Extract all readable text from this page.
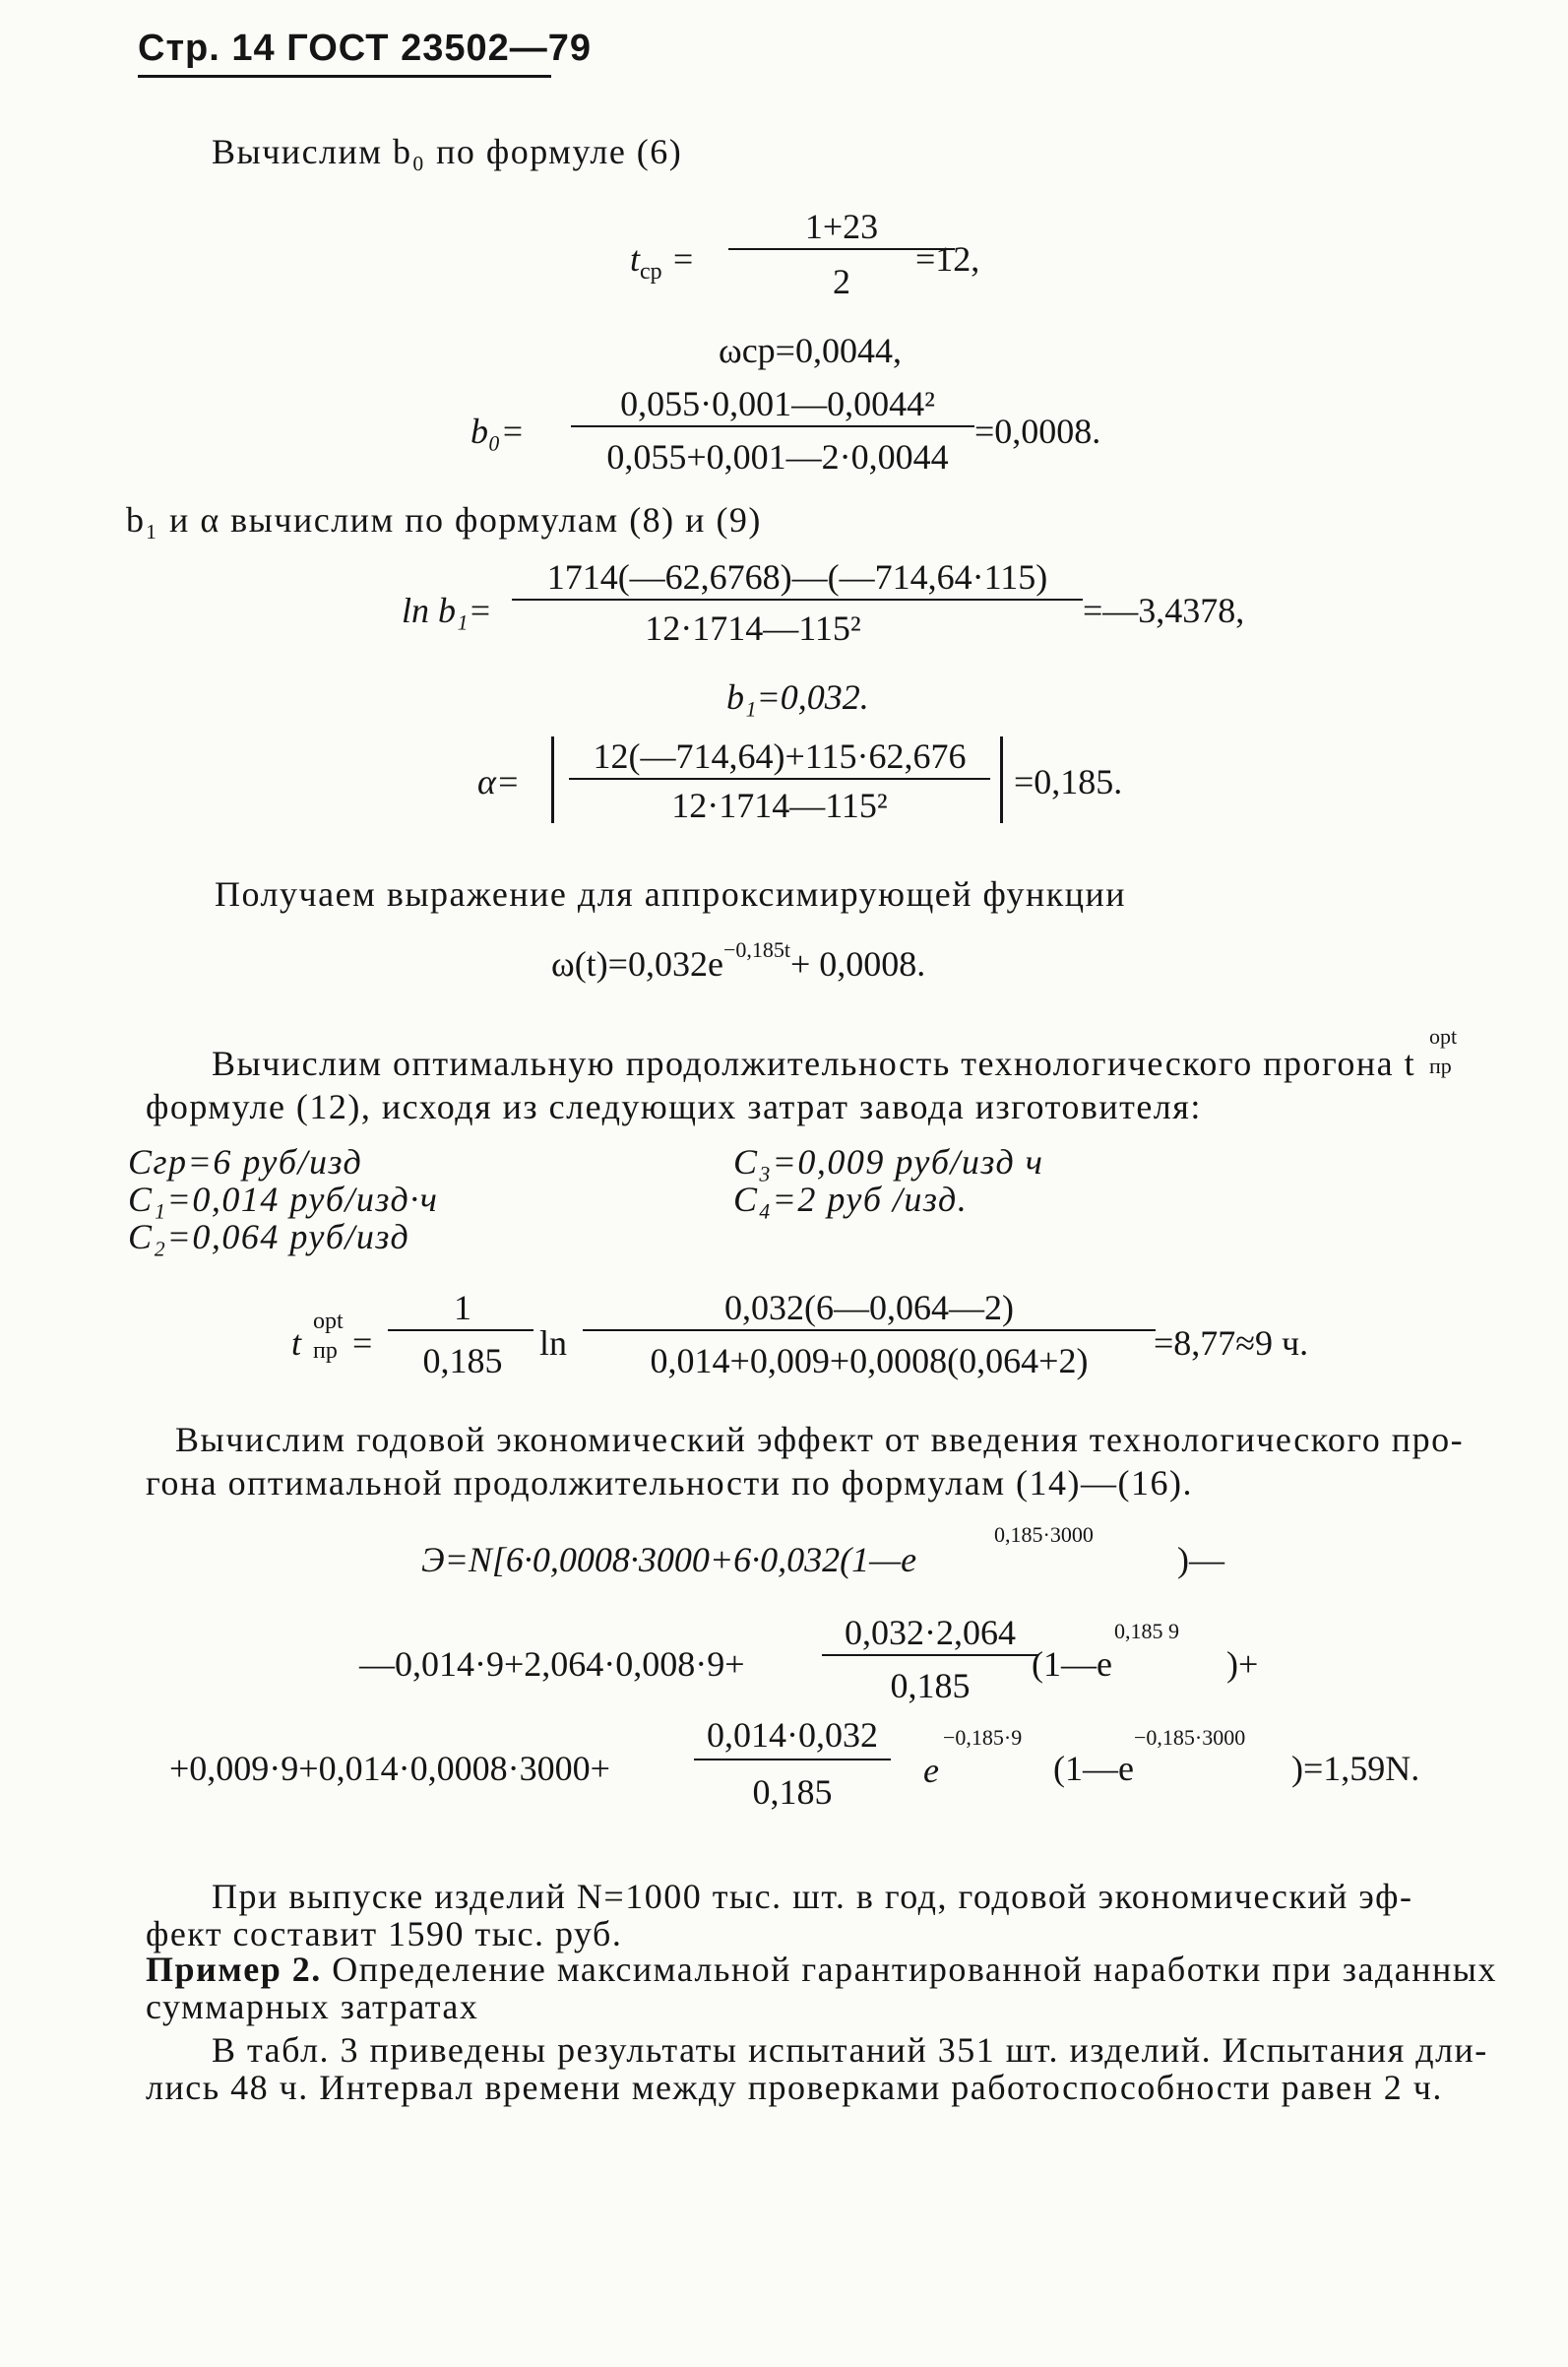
Стр. 14 ГОСТ 23502—79
Вычислим b₀ по формуле (6)
$t_{ср}$ =
1+23
2
=12,
ωср=0,0044,
b₀=
0,055·0,001—0,0044²
0,055+0,001—2·0,0044
=0,0008.
b₁ и α вычислим по формулам (8) и (9)
ln b₁=
1714(—62,6768)—(—714,64·115)
12·1714—115²	=—3,4378,
b₁=0,032.
α=
12(—714,64)+115·62,676
12·1714—115²
=0,185.
Получаем выражение для аппроксимирующей функции
$\omega(t)=0,032e^{-0,185t}+ 0,0008$.
Вычислим оптимальную продолжительность технологического прогона t
opt
пр
формуле (12), исходя из следующих затрат завода изготовителя:
Cгр=6 руб/изд
C₁=0,014 руб/изд·ч
C₂=0,064 руб/изд
C₃=0,009 руб/изд ч
C₄=2 руб /изд.
t
opt
пр =
1
0,185	ln
0,032(6—0,064—2)
0,014+0,009+0,0008(0,064+2)	=8,77≈9 ч.
Вычислим годовой экономический эффект от введения технологического про-
гона оптимальной продолжительности по формулам (14)—(16).
Э=N[6·0,0008·3000+6·0,032(1—e
0,185·3000
)—
—0,014·9+2,064·0,008·9+
0,032·2,064
0,185
(1—e
0,185 9
)+
+0,009·9+0,014·0,0008·3000+
0,014·0,032
0,185
e
−0,185·9
(1—e
−0,185·3000
)=1,59N.
При выпуске изделий N=1000 тыс. шт. в год, годовой экономический эф-
фект составит 1590 тыс. руб.
Пример 2. Определение максимальной гарантированной наработки при заданных
суммарных затратах
В табл. 3 приведены результаты испытаний 351 шт. изделий. Испытания дли-
лись 48 ч. Интервал времени между проверками работоспособности равен 2 ч.
